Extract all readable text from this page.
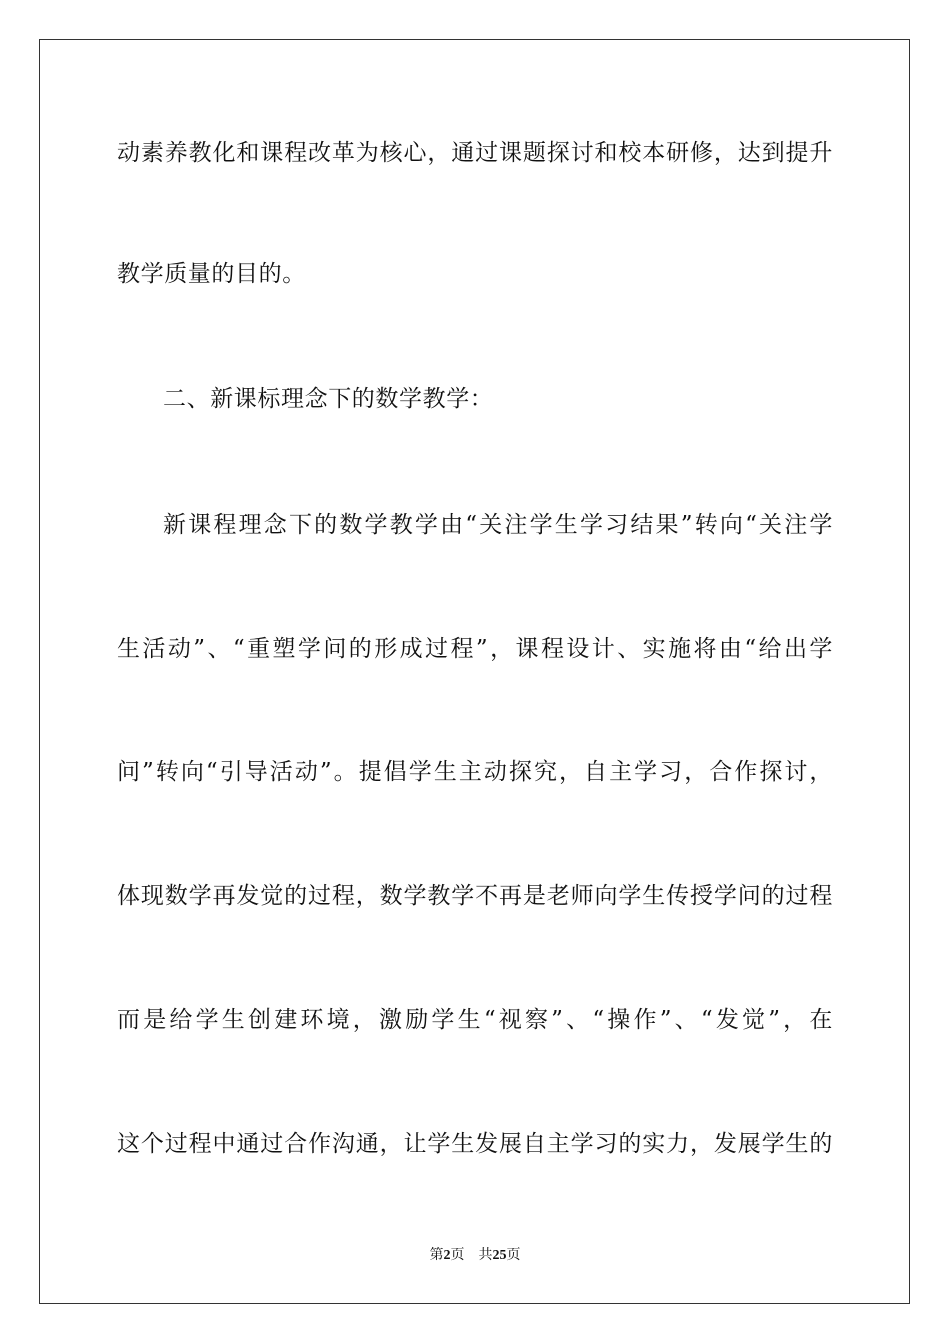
动素养教化和课程改革为核心，通过课题探讨和校本研修，达到提升
教学质量的目的。
二、新课标理念下的数学教学：
新课程理念下的数学教学由“关注学生学习结果”转向“关注学
生活动”、“重塑学问的形成过程”，课程设计、实施将由“给出学
问”转向“引导活动”。提倡学生主动探究，自主学习，合作探讨，
体现数学再发觉的过程，数学教学不再是老师向学生传授学问的过程
而是给学生创建环境，激励学生“视察”、“操作”、“发觉”，在
这个过程中通过合作沟通，让学生发展自主学习的实力，发展学生的
第2页 共25页
